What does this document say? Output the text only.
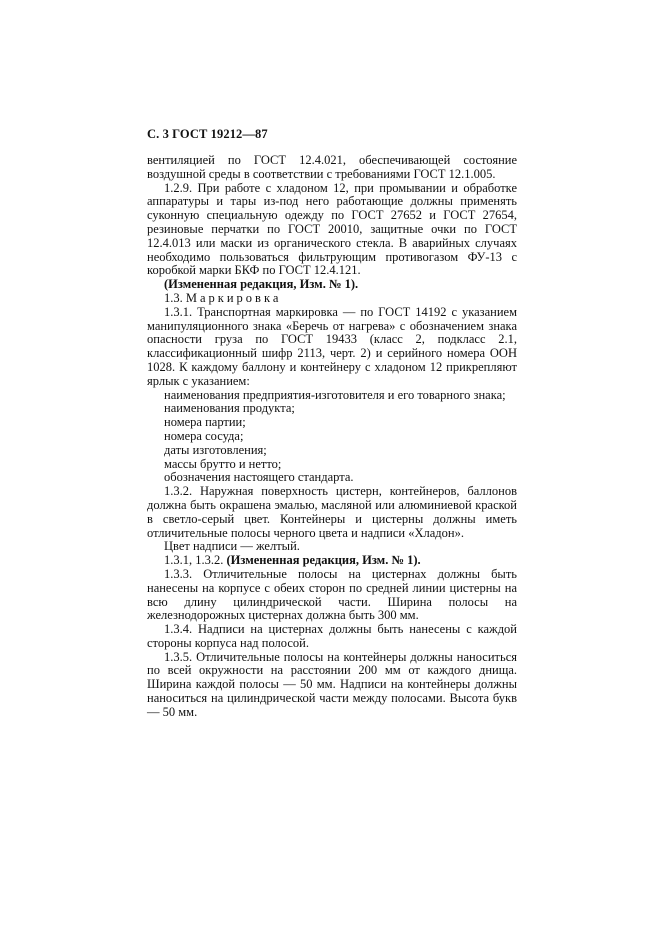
С. 3 ГОСТ 19212—87

вентиляцией по ГОСТ 12.4.021, обеспечивающей состояние воздушной среды в соответствии с требованиями ГОСТ 12.1.005.

1.2.9. При работе с хладоном 12, при промывании и обработке аппаратуры и тары из-под него работающие должны применять суконную специальную одежду по ГОСТ 27652 и ГОСТ 27654, резиновые перчатки по ГОСТ 20010, защитные очки по ГОСТ 12.4.013 или маски из органического стекла. В аварийных случаях необходимо пользоваться фильтрующим противогазом ФУ-13 с коробкой марки БКФ по ГОСТ 12.4.121.

(Измененная редакция, Изм. № 1).

1.3. Маркировка

1.3.1. Транспортная маркировка — по ГОСТ 14192 с указанием манипуляционного знака «Беречь от нагрева» с обозначением знака опасности груза по ГОСТ 19433 (класс 2, подкласс 2.1, классификационный шифр 2113, черт. 2) и серийного номера ООН 1028. К каждому баллону и контейнеру с хладоном 12 прикрепляют ярлык с указанием:

наименования предприятия-изготовителя и его товарного знака;

наименования продукта;

номера партии;

номера сосуда;

даты изготовления;

массы брутто и нетто;

обозначения настоящего стандарта.

1.3.2. Наружная поверхность цистерн, контейнеров, баллонов должна быть окрашена эмалью, масляной или алюминиевой краской в светло-серый цвет. Контейнеры и цистерны должны иметь отличительные полосы черного цвета и надписи «Хладон».

Цвет надписи — желтый.

1.3.1, 1.3.2. (Измененная редакция, Изм. № 1).

1.3.3. Отличительные полосы на цистернах должны быть нанесены на корпусе с обеих сторон по средней линии цистерны на всю длину цилиндрической части. Ширина полосы на железнодорожных цистернах должна быть 300 мм.

1.3.4. Надписи на цистернах должны быть нанесены с каждой стороны корпуса над полосой.

1.3.5. Отличительные полосы на контейнеры должны наноситься по всей окружности на расстоянии 200 мм от каждого днища. Ширина каждой полосы — 50 мм. Надписи на контейнеры должны наноситься на цилиндрической части между полосами. Высота букв — 50 мм.
